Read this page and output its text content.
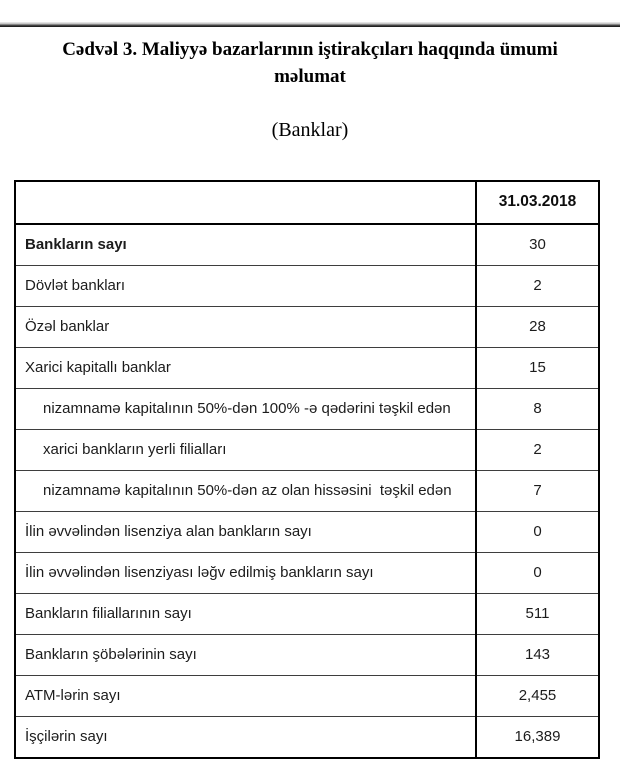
Cədvəl 3. Maliyyə bazarlarının iştirakçıları haqqında ümumi məlumat
(Banklar)
	31.03.2018
Bankların sayı	30
Dövlət bankları	2
Özəl banklar	28
Xarici kapitallı banklar	15
nizamnamə kapitalının 50%-dən 100% -ə qədərini təşkil edən	8
xarici bankların yerli filialları	2
nizamnamə kapitalının 50%-dən az olan hissəsini  təşkil edən	7
İlin əvvəlindən lisenziya alan bankların sayı	0
İlin əvvəlindən lisenziyası ləğv edilmiş bankların sayı	0
Bankların filiallarının sayı	511
Bankların şöbələrinin sayı	143
ATM-lərin sayı	2,455
İşçilərin sayı	16,389
